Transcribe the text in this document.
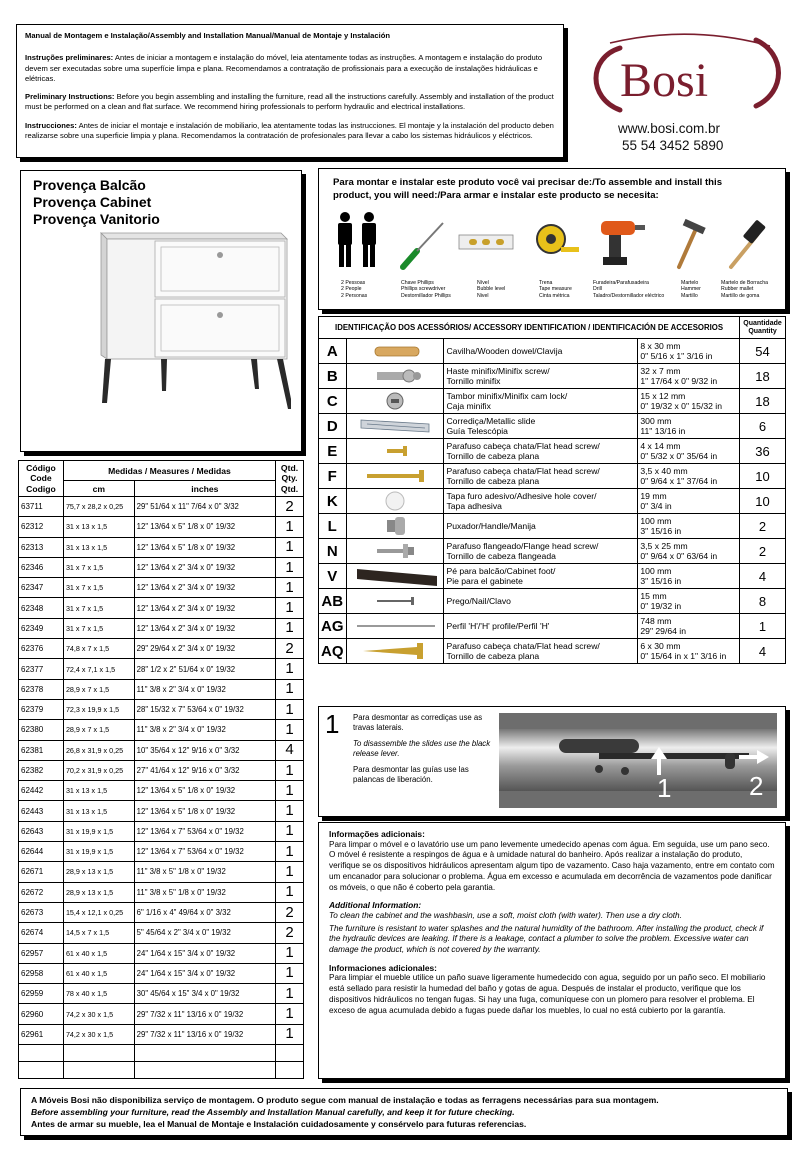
Manual de Montagem e Instalação/Assembly and Installation Manual/Manual de Montaje y Instalación

Instruções preliminares: Antes de iniciar a montagem e instalação do móvel, leia atentamente todas as instruções. A montagem e instalação do produto devem ser executadas sobre uma superfície limpa e plana. Recomendamos a contratação de profissionais para a execução de instalações hidráulicas e elétricas.

Preliminary Instructions: Before you begin assembling and installing the furniture, read all the instructions carefully. Assembly and installation of the product must be performed on a clean and flat surface. We recommend hiring professionals to perform hydraulic and electrical installations.

Instrucciones: Antes de iniciar el montaje e instalación de mobiliario, lea atentamente todas las instrucciones. El montaje y la instalación del producto deben realizarse sobre una superficie limpia y plana. Recomendamos la contratación de profesionales para llevar a cabo los sistemas hidráulicos y eléctricos.

Bosi
www.bosi.com.br
55 54 3452 5890
Provença Balcão
Provença Cabinet
Provença Vanitorio
Para montar e instalar este produto você vai precisar de:/To assemble and install this product, you will need:/Para armar e instalar este producto se necesita:
2 Pessoas
2 People
2 Personas
Chave Phillips
Phillips screwdriver
Destornillador Phillips
Nível
Bubble level
Nivel
Trena
Tape measure
Cinta métrica
Furadeira/Parafusadeira
Drill
Taladro/Destornillador eléctrico
Martelo
Hammer
Martillo
Martelo de Borracha
Rubber mallet
Martillo de goma
IDENTIFICAÇÃO DOS ACESSÓRIOS/ ACCESSORY IDENTIFICATION / IDENTIFICACIÓN DE ACCESORIOS				Quantidade Quantity
A		Cavilha/Wooden dowel/Clavija	8 x 30 mm
0" 5/16 x 1" 3/16 in	54
B		Haste minifix/Minifix screw/
Tornillo minifix	32 x 7 mm
1" 17/64 x 0" 9/32 in	18
C		Tambor minifix/Minifix cam lock/
Caja minifix	15 x 12 mm
0" 19/32 x 0" 15/32 in	18
D		Corrediça/Metallic slide
Guía Telescópia	300 mm
11" 13/16 in	6
E		Parafuso cabeça chata/Flat head screw/
Tornillo de cabeza plana	4 x 14 mm
0" 5/32 x 0" 35/64 in	36
F		Parafuso cabeça chata/Flat head screw/
Tornillo de cabeza plana	3,5 x 40 mm
0" 9/64 x 1" 37/64 in	10
K		Tapa furo adesivo/Adhesive hole cover/
Tapa adhesiva	19 mm
0" 3/4 in	10
L		Puxador/Handle/Manija	100 mm
3" 15/16 in	2
N		Parafuso flangeado/Flange head screw/
Tornillo de cabeza flangeada	3,5 x 25 mm
0" 9/64 x 0" 63/64 in	2
V		Pé para balcão/Cabinet foot/
Pie para el gabinete	100 mm
3" 15/16 in	4
AB		Prego/Nail/Clavo	15 mm
0" 19/32 in	8
AG		Perfil 'H'/'H' profile/Perfil 'H'	748 mm
29" 29/64 in	1
AQ		Parafuso cabeça chata/Flat head screw/
Tornillo de cabeza plana	6 x 30 mm
0" 15/64 in x 1" 3/16 in	4
Código
Code
Codigo	Medidas / Measures / Medidas		Qtd.
Qty.
Qtd.
	cm	inches	
63711	75,7 x 28,2 x 0,25	29" 51/64 x 11" 7/64 x 0" 3/32	2
62312	31 x 13 x 1,5	12" 13/64 x 5" 1/8 x 0" 19/32	1
62313	31 x 13 x 1,5	12" 13/64 x 5" 1/8 x 0" 19/32	1
62346	31 x 7 x 1,5	12" 13/64 x 2" 3/4 x 0" 19/32	1
62347	31 x 7 x 1,5	12" 13/64 x 2" 3/4 x 0" 19/32	1
62348	31 x 7 x 1,5	12" 13/64 x 2" 3/4 x 0" 19/32	1
62349	31 x 7 x 1,5	12" 13/64 x 2" 3/4 x 0" 19/32	1
62376	74,8 x 7 x 1,5	29" 29/64 x 2" 3/4 x 0" 19/32	2
62377	72,4 x 7,1 x 1,5	28" 1/2 x 2" 51/64 x 0" 19/32	1
62378	28,9 x 7 x 1,5	11" 3/8 x 2" 3/4 x 0" 19/32	1
62379	72,3 x 19,9 x 1,5	28" 15/32 x 7" 53/64 x 0" 19/32	1
62380	28,9 x 7 x 1,5	11" 3/8 x 2" 3/4 x 0" 19/32	1
62381	26,8 x 31,9 x 0,25	10" 35/64 x 12" 9/16 x 0" 3/32	4
62382	70,2 x 31,9 x 0,25	27" 41/64 x 12" 9/16 x 0" 3/32	1
62442	31 x 13 x 1,5	12" 13/64 x 5" 1/8 x 0" 19/32	1
62443	31 x 13 x 1,5	12" 13/64 x 5" 1/8 x 0" 19/32	1
62643	31 x 19,9 x 1,5	12" 13/64 x 7" 53/64 x 0" 19/32	1
62644	31 x 19,9 x 1,5	12" 13/64 x 7" 53/64 x 0" 19/32	1
62671	28,9 x 13 x 1,5	11" 3/8 x 5" 1/8 x 0" 19/32	1
62672	28,9 x 13 x 1,5	11" 3/8 x 5" 1/8 x 0" 19/32	1
62673	15,4 x 12,1 x 0,25	6" 1/16 x 4" 49/64 x 0" 3/32	2
62674	14,5 x 7 x 1,5	5" 45/64 x 2" 3/4 x 0" 19/32	2
62957	61 x 40 x 1,5	24" 1/64 x 15" 3/4 x 0" 19/32	1
62958	61 x 40 x 1,5	24" 1/64 x 15" 3/4 x 0" 19/32	1
62959	78 x 40 x 1,5	30" 45/64 x 15" 3/4 x 0" 19/32	1
62960	74,2 x 30 x 1,5	29" 7/32 x 11" 13/16 x 0" 19/32	1
62961	74,2 x 30 x 1,5	29" 7/32 x 11" 13/16 x 0" 19/32	1

1 Para desmontar as corrediças use as travas laterais.

To disassemble the slides use the black release lever.

Para desmontar las guías use las palancas de liberación.	1	2
Informações adicionais:

Para limpar o móvel e o lavatório use um pano levemente umedecido apenas com água. Em seguida, use um pano seco. O móvel é resistente a respingos de água e à umidade natural do banheiro. Após realizar a instalação do produto, verifique se os dispositivos hidráulicos apresentam algum tipo de vazamento. Caso haja vazamento, entre em contato com um encanador para solucionar o problema. Água em excesso e acumulada em decorrência de vazamentos pode danificar os móveis, o que não é coberto pela garantia.

Additional Information:

To clean the cabinet and the washbasin, use a soft, moist cloth (with water). Then use a dry cloth.

The furniture is resistant to water splashes and the natural humidity of the bathroom. After installing the product, check if the hydraulic devices are leaking. If there is a leakage, contact a plumber to solve the problem. Excessive water can damage the product, which is not covered by the warranty.

Informaciones adicionales:

Para limpiar el mueble utilice un paño suave ligeramente humedecido con agua, seguido por un paño seco. El mobiliario está sellado para resistir la humedad del baño y gotas de agua. Después de instalar el producto, verifique que los dispositivos hidráulicos no tengan fugas. Si hay una fuga, comuníquese con un plomero para resolver el problema. El exceso de agua acumulada debido a fugas puede dañar los muebles, lo cual no está cubierto por la garantía.

A Móveis Bosi não disponibiliza serviço de montagem. O produto segue com manual de instalação e todas as ferragens necessárias para sua montagem.
Before assembling your furniture, read the Assembly and Installation Manual carefully, and keep it for future checking.
Antes de armar su mueble, lea el Manual de Montaje e Instalación cuidadosamente y consérvelo para futuras referencias.
